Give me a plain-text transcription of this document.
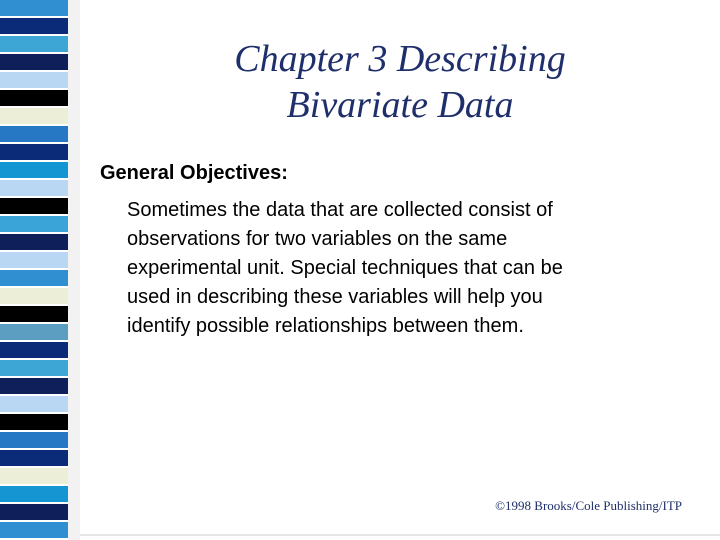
Chapter 3 Describing
Bivariate Data
General Objectives:
Sometimes the data that are collected consist of
observations for two variables on the same
experimental unit. Special techniques that can be
used in describing these variables will help you
identify possible relationships between them.
©1998 Brooks/Cole Publishing/ITP
